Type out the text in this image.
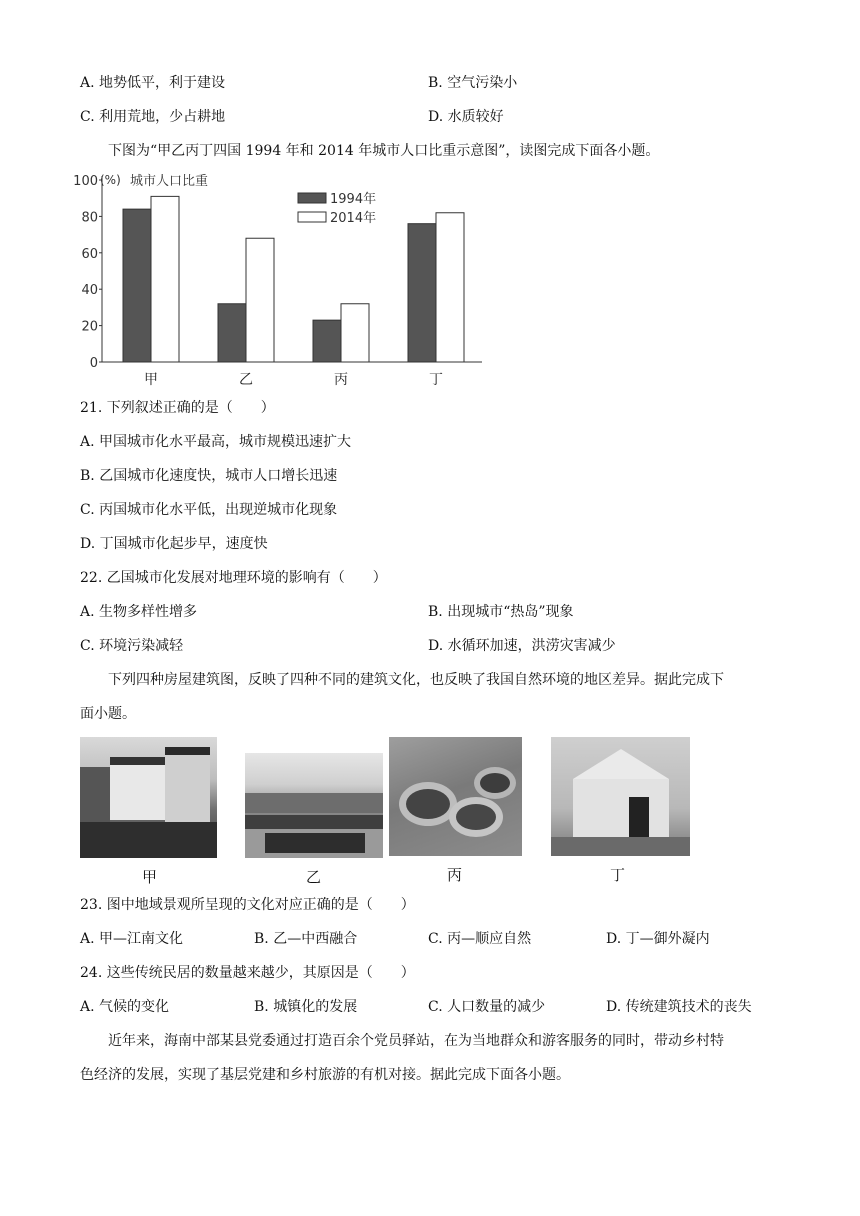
A. 地势低平，利于建设	B. 空气污染小
C. 利用荒地，少占耕地	D. 水质较好
下图为“甲乙丙丁四国 1994 年和 2014 年城市人口比重示意图”，读图完成下面各小题。
0
20
40
60
80
100 (%) 城市人口比重
甲	乙	丙	丁
1994年
2014年
21. 下列叙述正确的是（　　）
A. 甲国城市化水平最高，城市规模迅速扩大
B. 乙国城市化速度快，城市人口增长迅速
C. 丙国城市化水平低，出现逆城市化现象
D. 丁国城市化起步早，速度快
22. 乙国城市化发展对地理环境的影响有（　　）
A. 生物多样性增多	B. 出现城市“热岛”现象
C. 环境污染减轻	D. 水循环加速，洪涝灾害减少
下列四种房屋建筑图，反映了四种不同的建筑文化，也反映了我国自然环境的地区差异。据此完成下
面小题。
甲	乙	丙	丁
23. 图中地域景观所呈现的文化对应正确的是（　　）
A. 甲—江南文化	B. 乙—中西融合	C. 丙—顺应自然	D. 丁—御外凝内
24. 这些传统民居的数量越来越少，其原因是（　　）
A. 气候的变化	B. 城镇化的发展	C. 人口数量的减少	D. 传统建筑技术的丧失
近年来，海南中部某县党委通过打造百余个党员驿站，在为当地群众和游客服务的同时，带动乡村特
色经济的发展，实现了基层党建和乡村旅游的有机对接。据此完成下面各小题。
